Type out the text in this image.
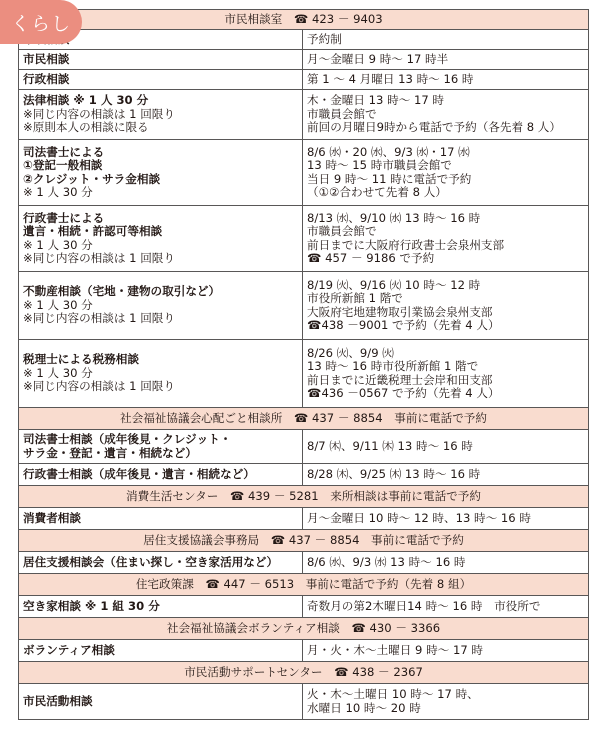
くらし	市民相談室　☎ 423 － 9403	
	予約制
市民相談	月～金曜日 9 時～ 17 時半
行政相談	第 1 ～ 4 月曜日 13 時～ 16 時

法律相談 ※ 1 人 30 分
※同じ内容の相談は 1 回限り
※原則本人の相談に限る	木・金曜日 13 時～ 17 時
市職員会館で
前回の月曜日9時から電話で予約（各先着 8 人）

司法書士による
①登記一般相談
②クレジット・サラ金相談
※ 1 人 30 分	8/6 ㈬・20 ㈬、9/3 ㈬・17 ㈬
13 時～ 15 時市職員会館で
当日 9 時～ 11 時に電話で予約
（①②合わせて先着 8 人）

行政書士による
遺言・相続・許認可等相談
※ 1 人 30 分
※同じ内容の相談は 1 回限り	8/13 ㈬、9/10 ㈬ 13 時～ 16 時
市職員会館で
前日までに大阪府行政書士会泉州支部
☎ 457 － 9186 で予約

不動産相談（宅地・建物の取引など）
※ 1 人 30 分
※同じ内容の相談は 1 回限り	8/19 ㈫、9/16 ㈫ 10 時～ 12 時
市役所新館 1 階で
大阪府宅地建物取引業協会泉州支部
☎438 －9001 で予約（先着 4 人）

税理士による税務相談
※ 1 人 30 分
※同じ内容の相談は 1 回限り	8/26 ㈫、9/9 ㈫
13 時～ 16 時市役所新館 1 階で
前日までに近畿税理士会岸和田支部
☎436 －0567 で予約（先着 4 人）

社会福祉協議会心配ごと相談所　☎ 437 － 8854　事前に電話で予約	

司法書士相談（成年後見・クレジット・
サラ金・登記・遺言・相続など）	8/7 ㈭、9/11 ㈭ 13 時～ 16 時
行政書士相談（成年後見・遺言・相続など）	8/28 ㈭、9/25 ㈭ 13 時～ 16 時
消費生活センター　☎ 439 － 5281　来所相談は事前に電話で予約	
消費者相談	月～金曜日 10 時～ 12 時、13 時～ 16 時
居住支援協議会事務局　☎ 437 － 8854　事前に電話で予約	
居住支援相談会（住まい探し・空き家活用など）	8/6 ㈬、9/3 ㈬ 13 時～ 16 時
住宅政策課　☎ 447 － 6513　事前に電話で予約（先着 8 組）	
空き家相談 ※ 1 組 30 分	奇数月の第2木曜日14 時～ 16 時　市役所で
社会福祉協議会ボランティア相談　☎ 430 － 3366	
ボランティア相談	月・火・木～土曜日 9 時～ 17 時
市民活動サポートセンター　☎ 438 － 2367	
市民活動相談	火・木～土曜日 10 時～ 17 時、
水曜日 10 時～ 20 時
